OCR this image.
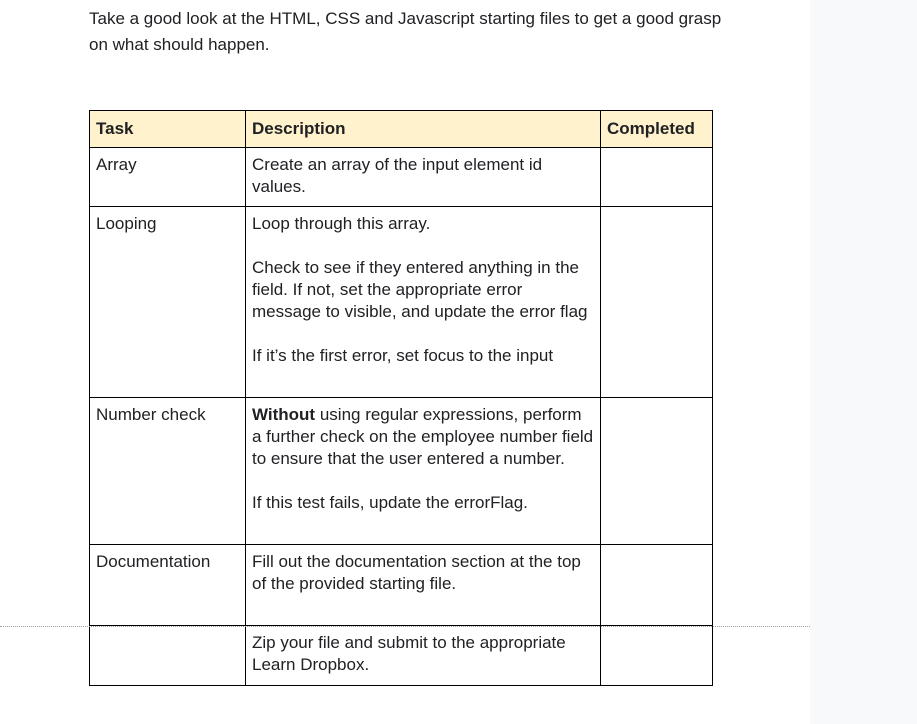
Take a good look at the HTML, CSS and Javascript starting files to get a good grasp on what should happen.

Task	Description	Completed
Array	Create an array of the input element id values.	

Looping	Loop through this array.

Check to see if they entered anything in the field. If not, set the appropriate error message to visible, and update the error flag

If it’s the first error, set focus to the input	

Number check	Without using regular expressions, perform a further check on the employee number field to ensure that the user entered a number.

If this test fails, update the errorFlag.	

Documentation	Fill out the documentation section at the top of the provided starting file.	

	Zip your file and submit to the appropriate Learn Dropbox.	
